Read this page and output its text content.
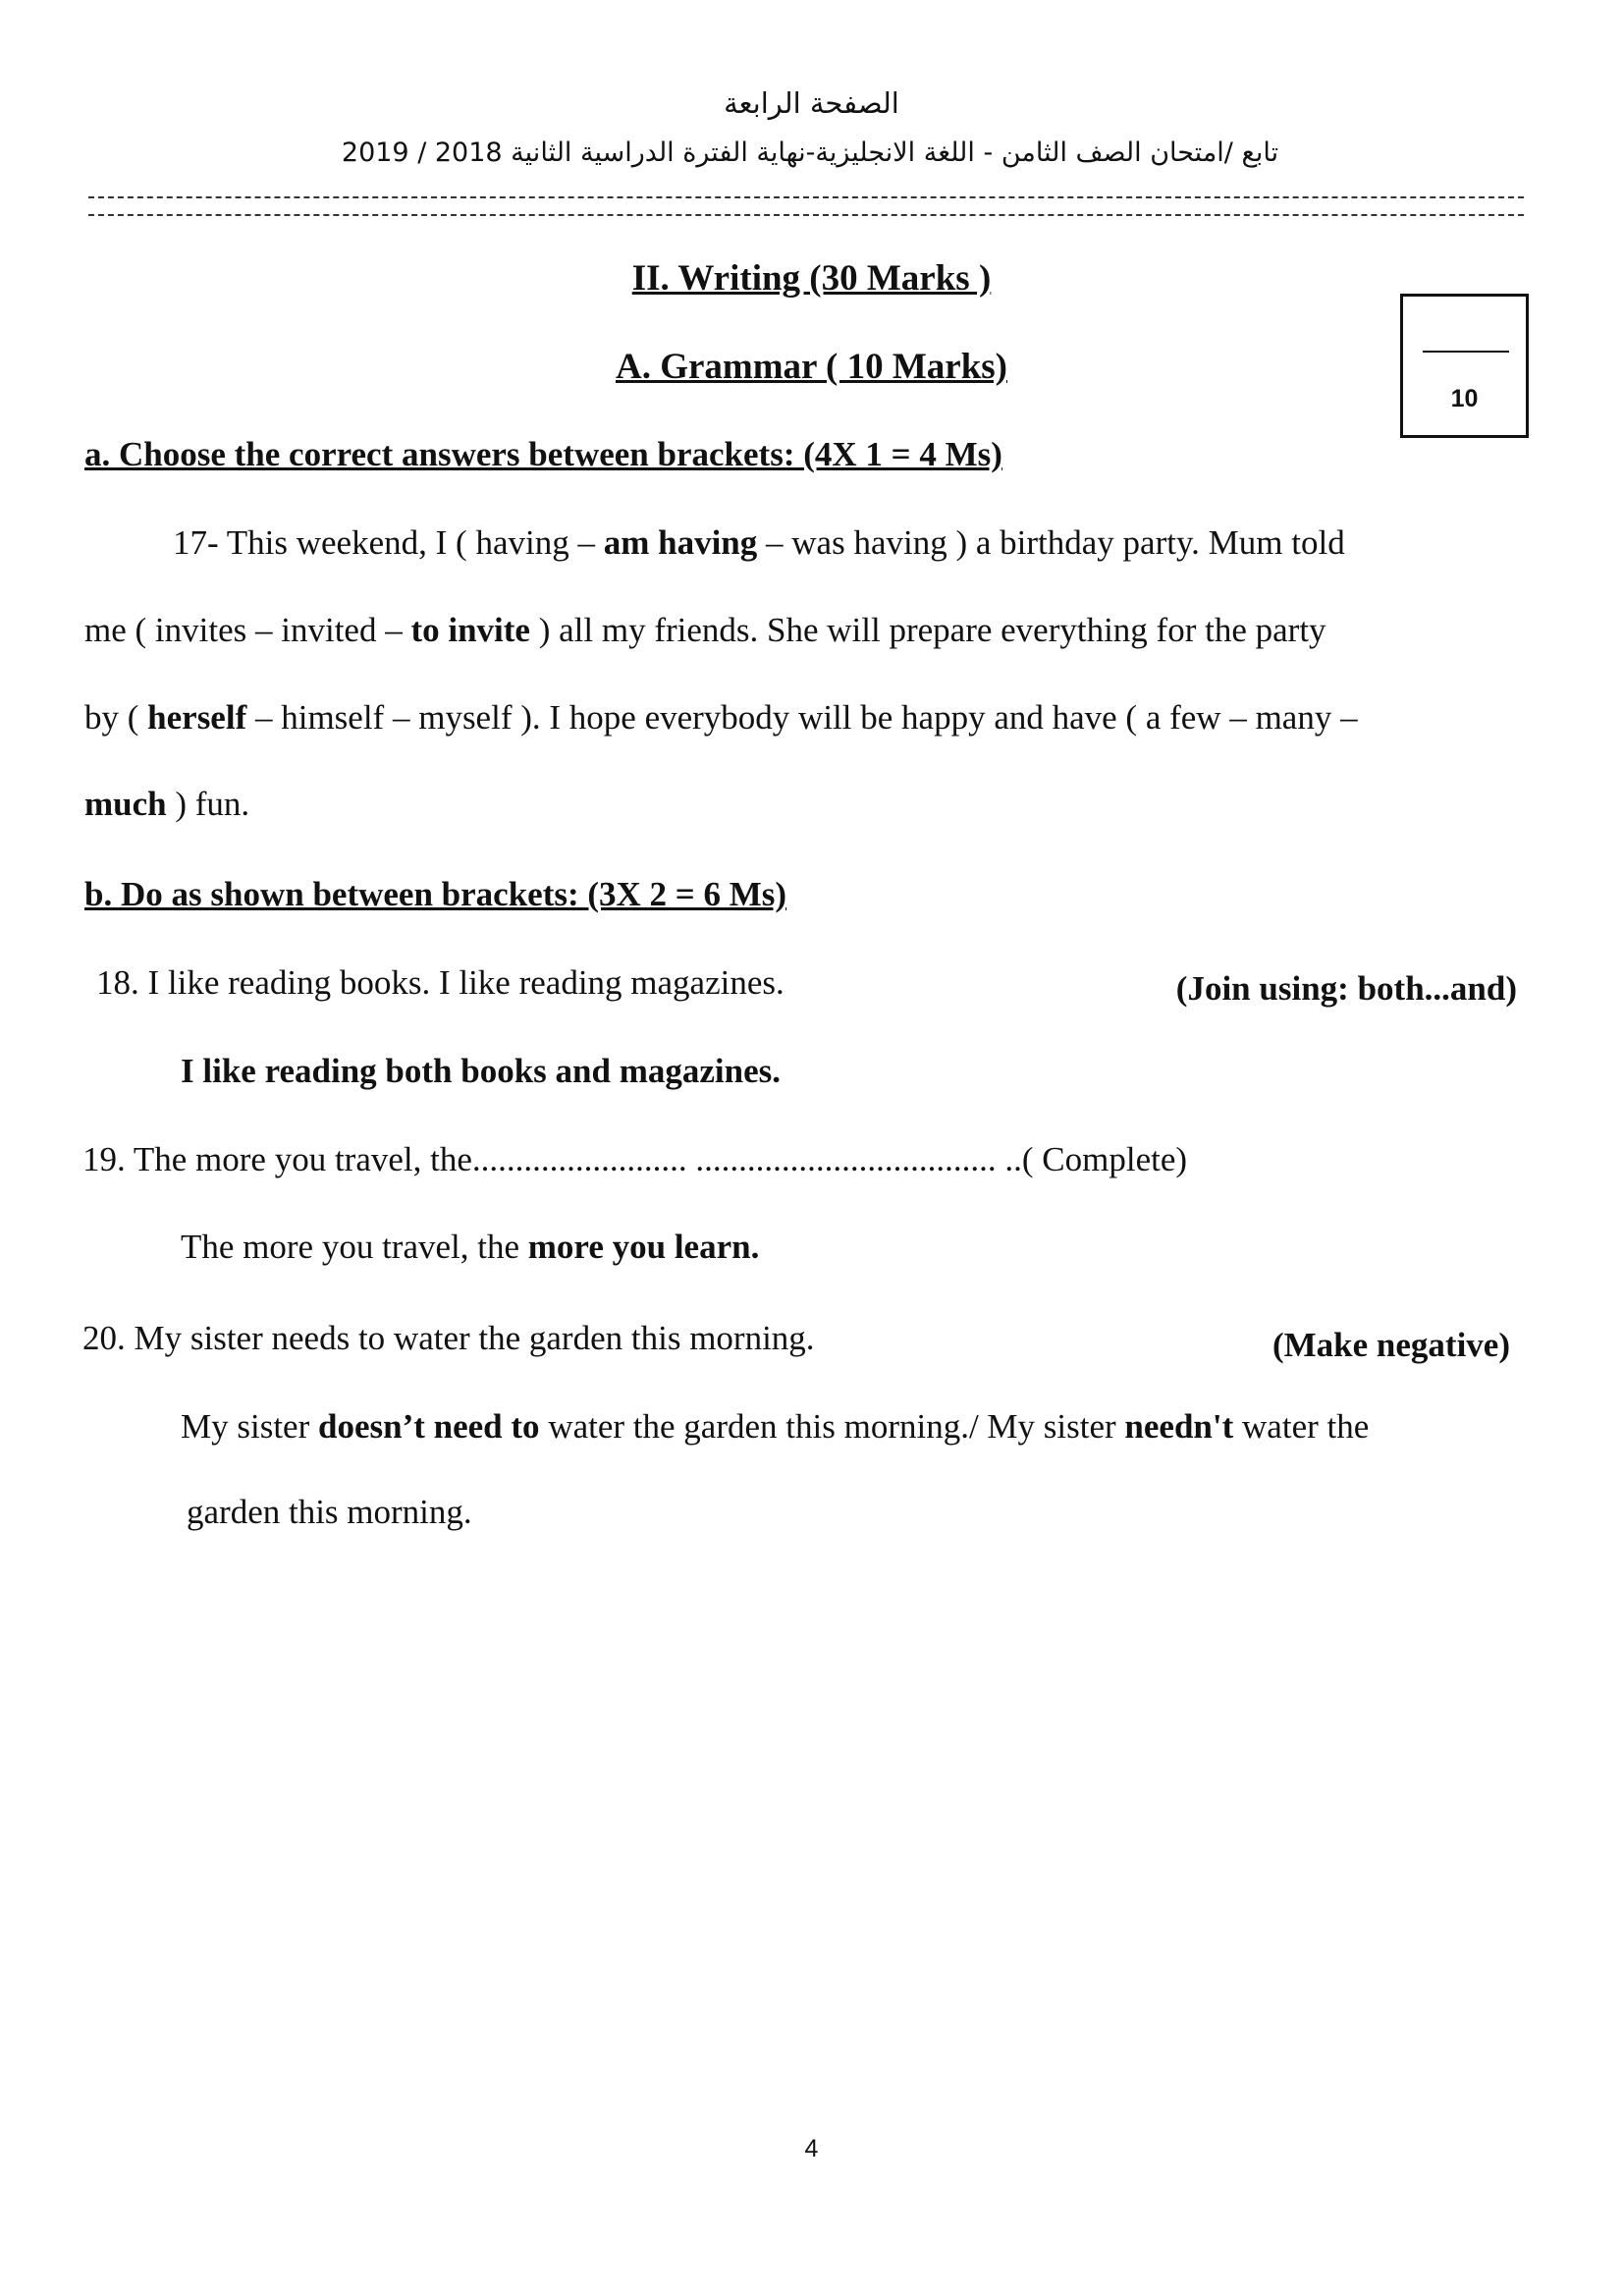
الصفحة الرابعة
تابع /امتحان الصف الثامن - اللغة الانجليزية-نهاية الفترة الدراسية الثانية 2018 / 2019
II. Writing (30 Marks )
A. Grammar ( 10 Marks)
10
a. Choose the correct answers between brackets: (4X 1 = 4 Ms)
17- This weekend, I ( having – am having – was having ) a birthday party. Mum told
me ( invites – invited – to invite ) all my friends. She will prepare everything for the party
by ( herself – himself – myself ). I hope everybody will be happy and have ( a few – many –
much ) fun.
b. Do as shown between brackets: (3X 2 = 6 Ms)
18. I like reading books. I like reading magazines.	(Join using: both...and)
I like reading both books and magazines.
19. The more you travel, the......................... ................................... ..( Complete)
The more you travel, the more you learn.
20. My sister needs to water the garden this morning.	(Make negative)
My sister doesn’t need to water the garden this morning./ My sister needn't water the
garden this morning.
4
